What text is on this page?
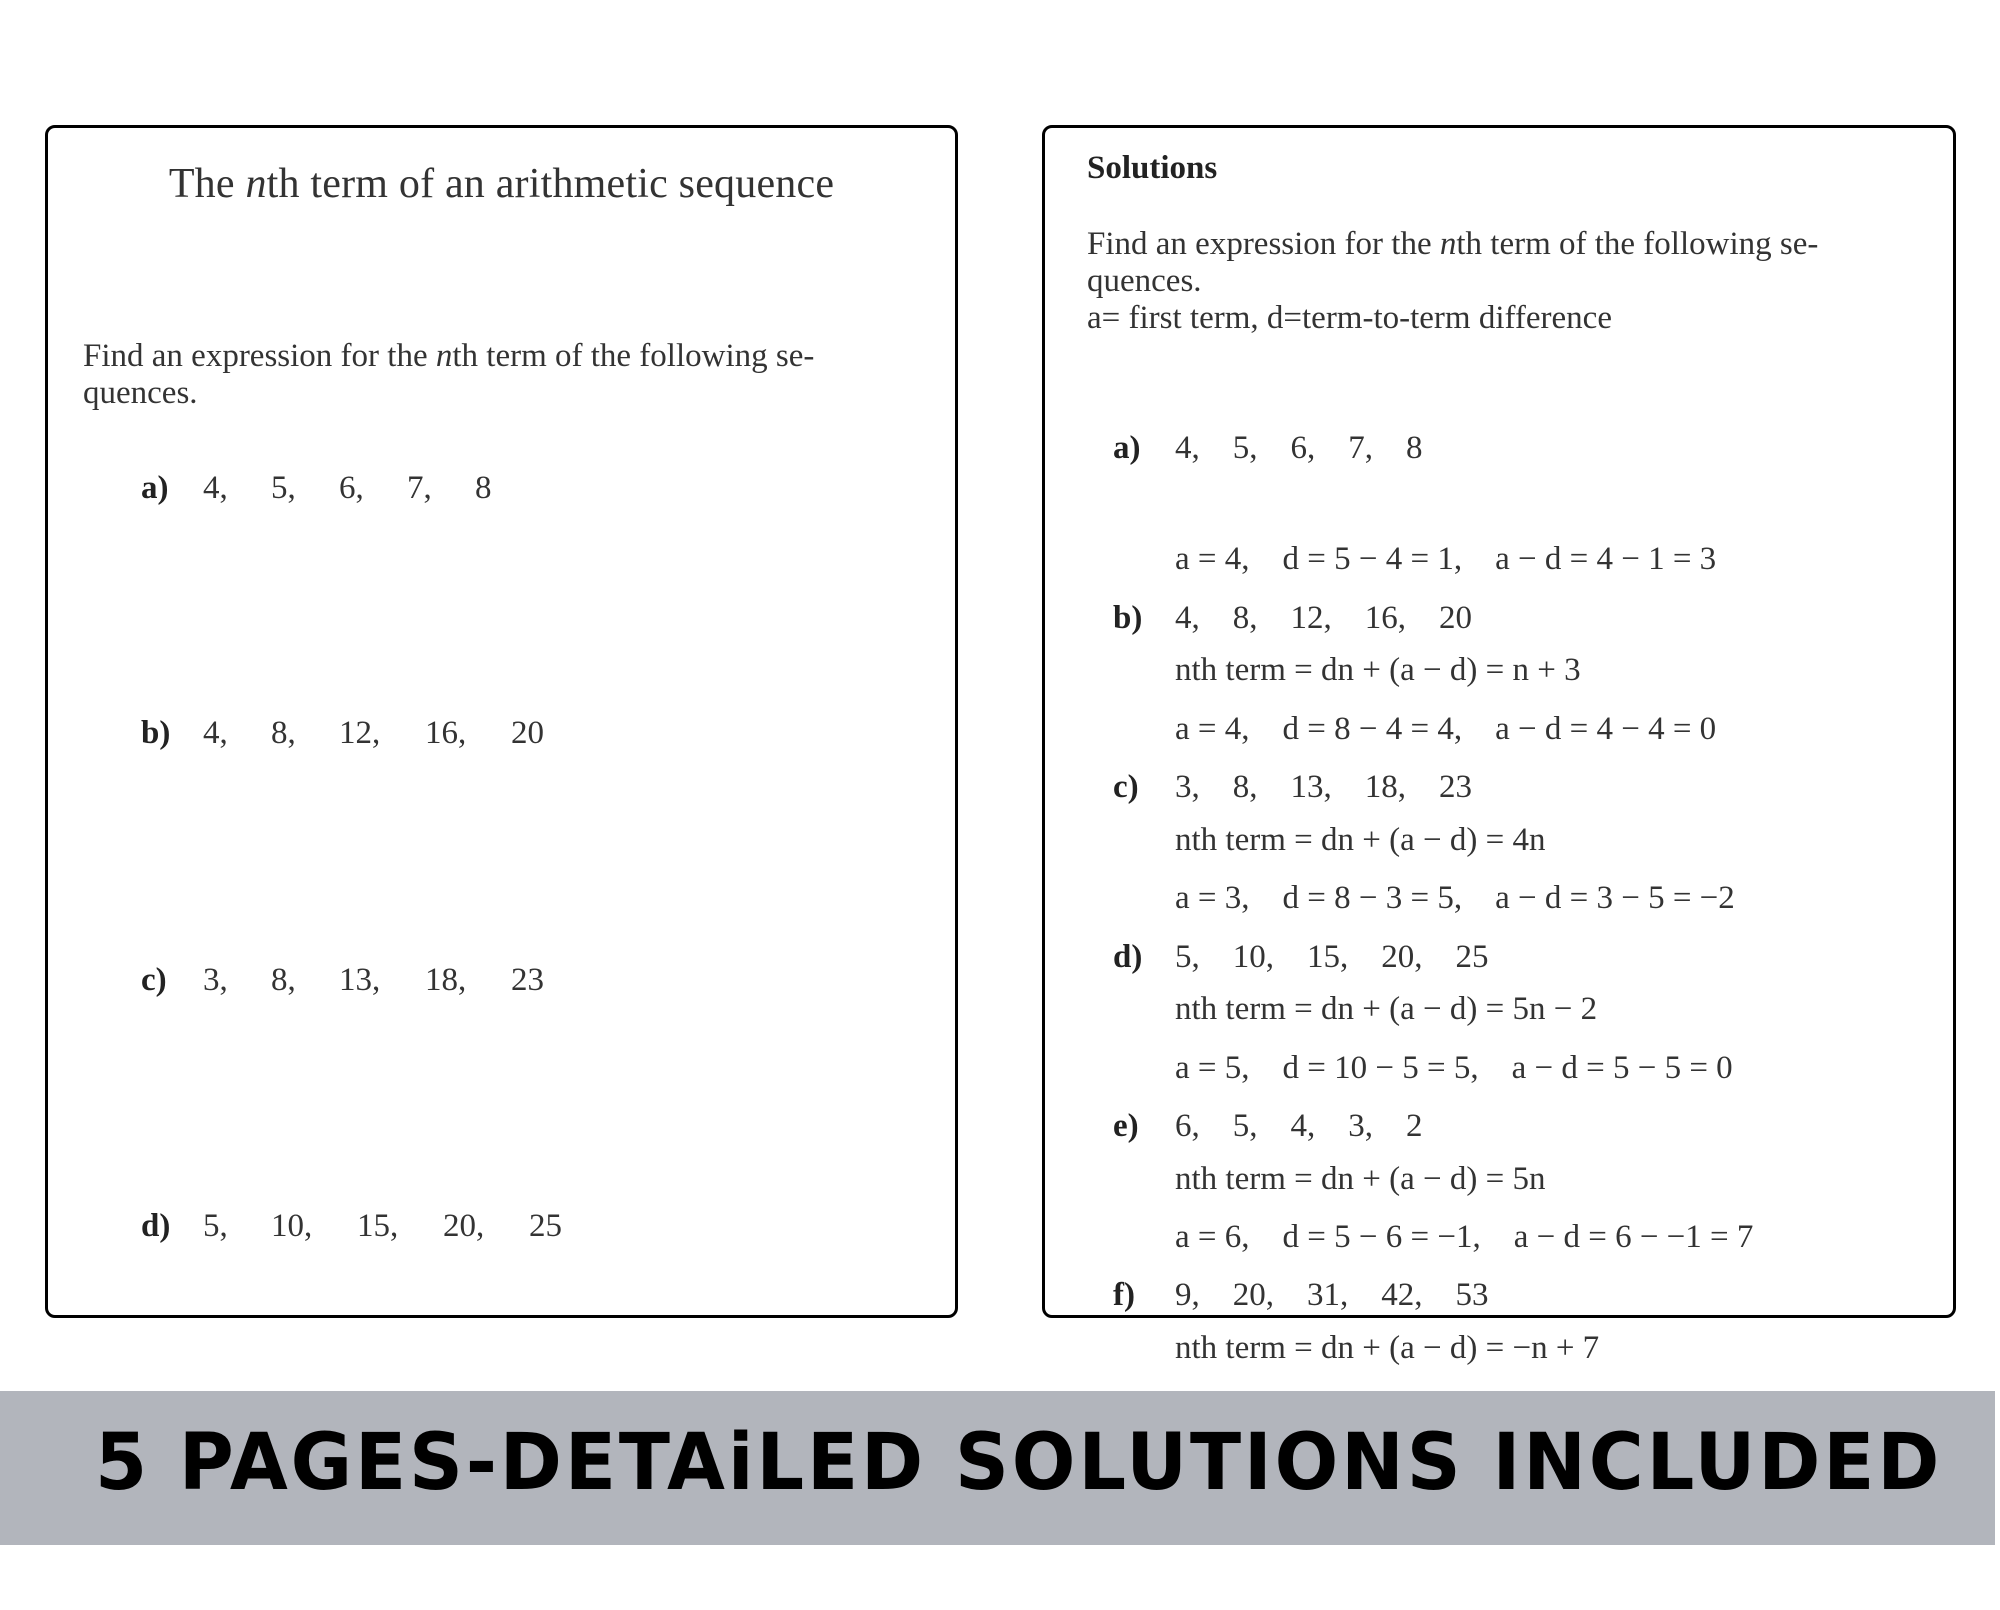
The nth term of an arithmetic sequence
Find an expression for the nth term of the following se-
quences.

a) 4, 5, 6, 7, 8

b) 4, 8, 12, 16, 20

c) 3, 8, 13, 18, 23

d) 5, 10, 15, 20, 25

Solutions
Find an expression for the nth term of the following se-
quences.
a= first term, d=term-to-term difference

a) 4,    5,    6,    7,    8

a = 4,    d = 5 − 4 = 1,    a − d = 4 − 1 = 3

nth term = dn + (a − d) = n + 3

b) 4,    8,    12,    16,    20

a = 4,    d = 8 − 4 = 4,    a − d = 4 − 4 = 0

nth term = dn + (a − d) = 4n

c) 3,    8,    13,    18,    23

a = 3,    d = 8 − 3 = 5,    a − d = 3 − 5 = −2

nth term = dn + (a − d) = 5n − 2

d) 5,    10,    15,    20,    25

a = 5,    d = 10 − 5 = 5,    a − d = 5 − 5 = 0

nth term = dn + (a − d) = 5n

e) 6,    5,    4,    3,    2

a = 6,    d = 5 − 6 = −1,    a − d = 6 − −1 = 7

nth term = dn + (a − d) = −n + 7

f) 9,    20,    31,    42,    53

5 PAGES-DETAiLED SOLUTIONS INCLUDED
